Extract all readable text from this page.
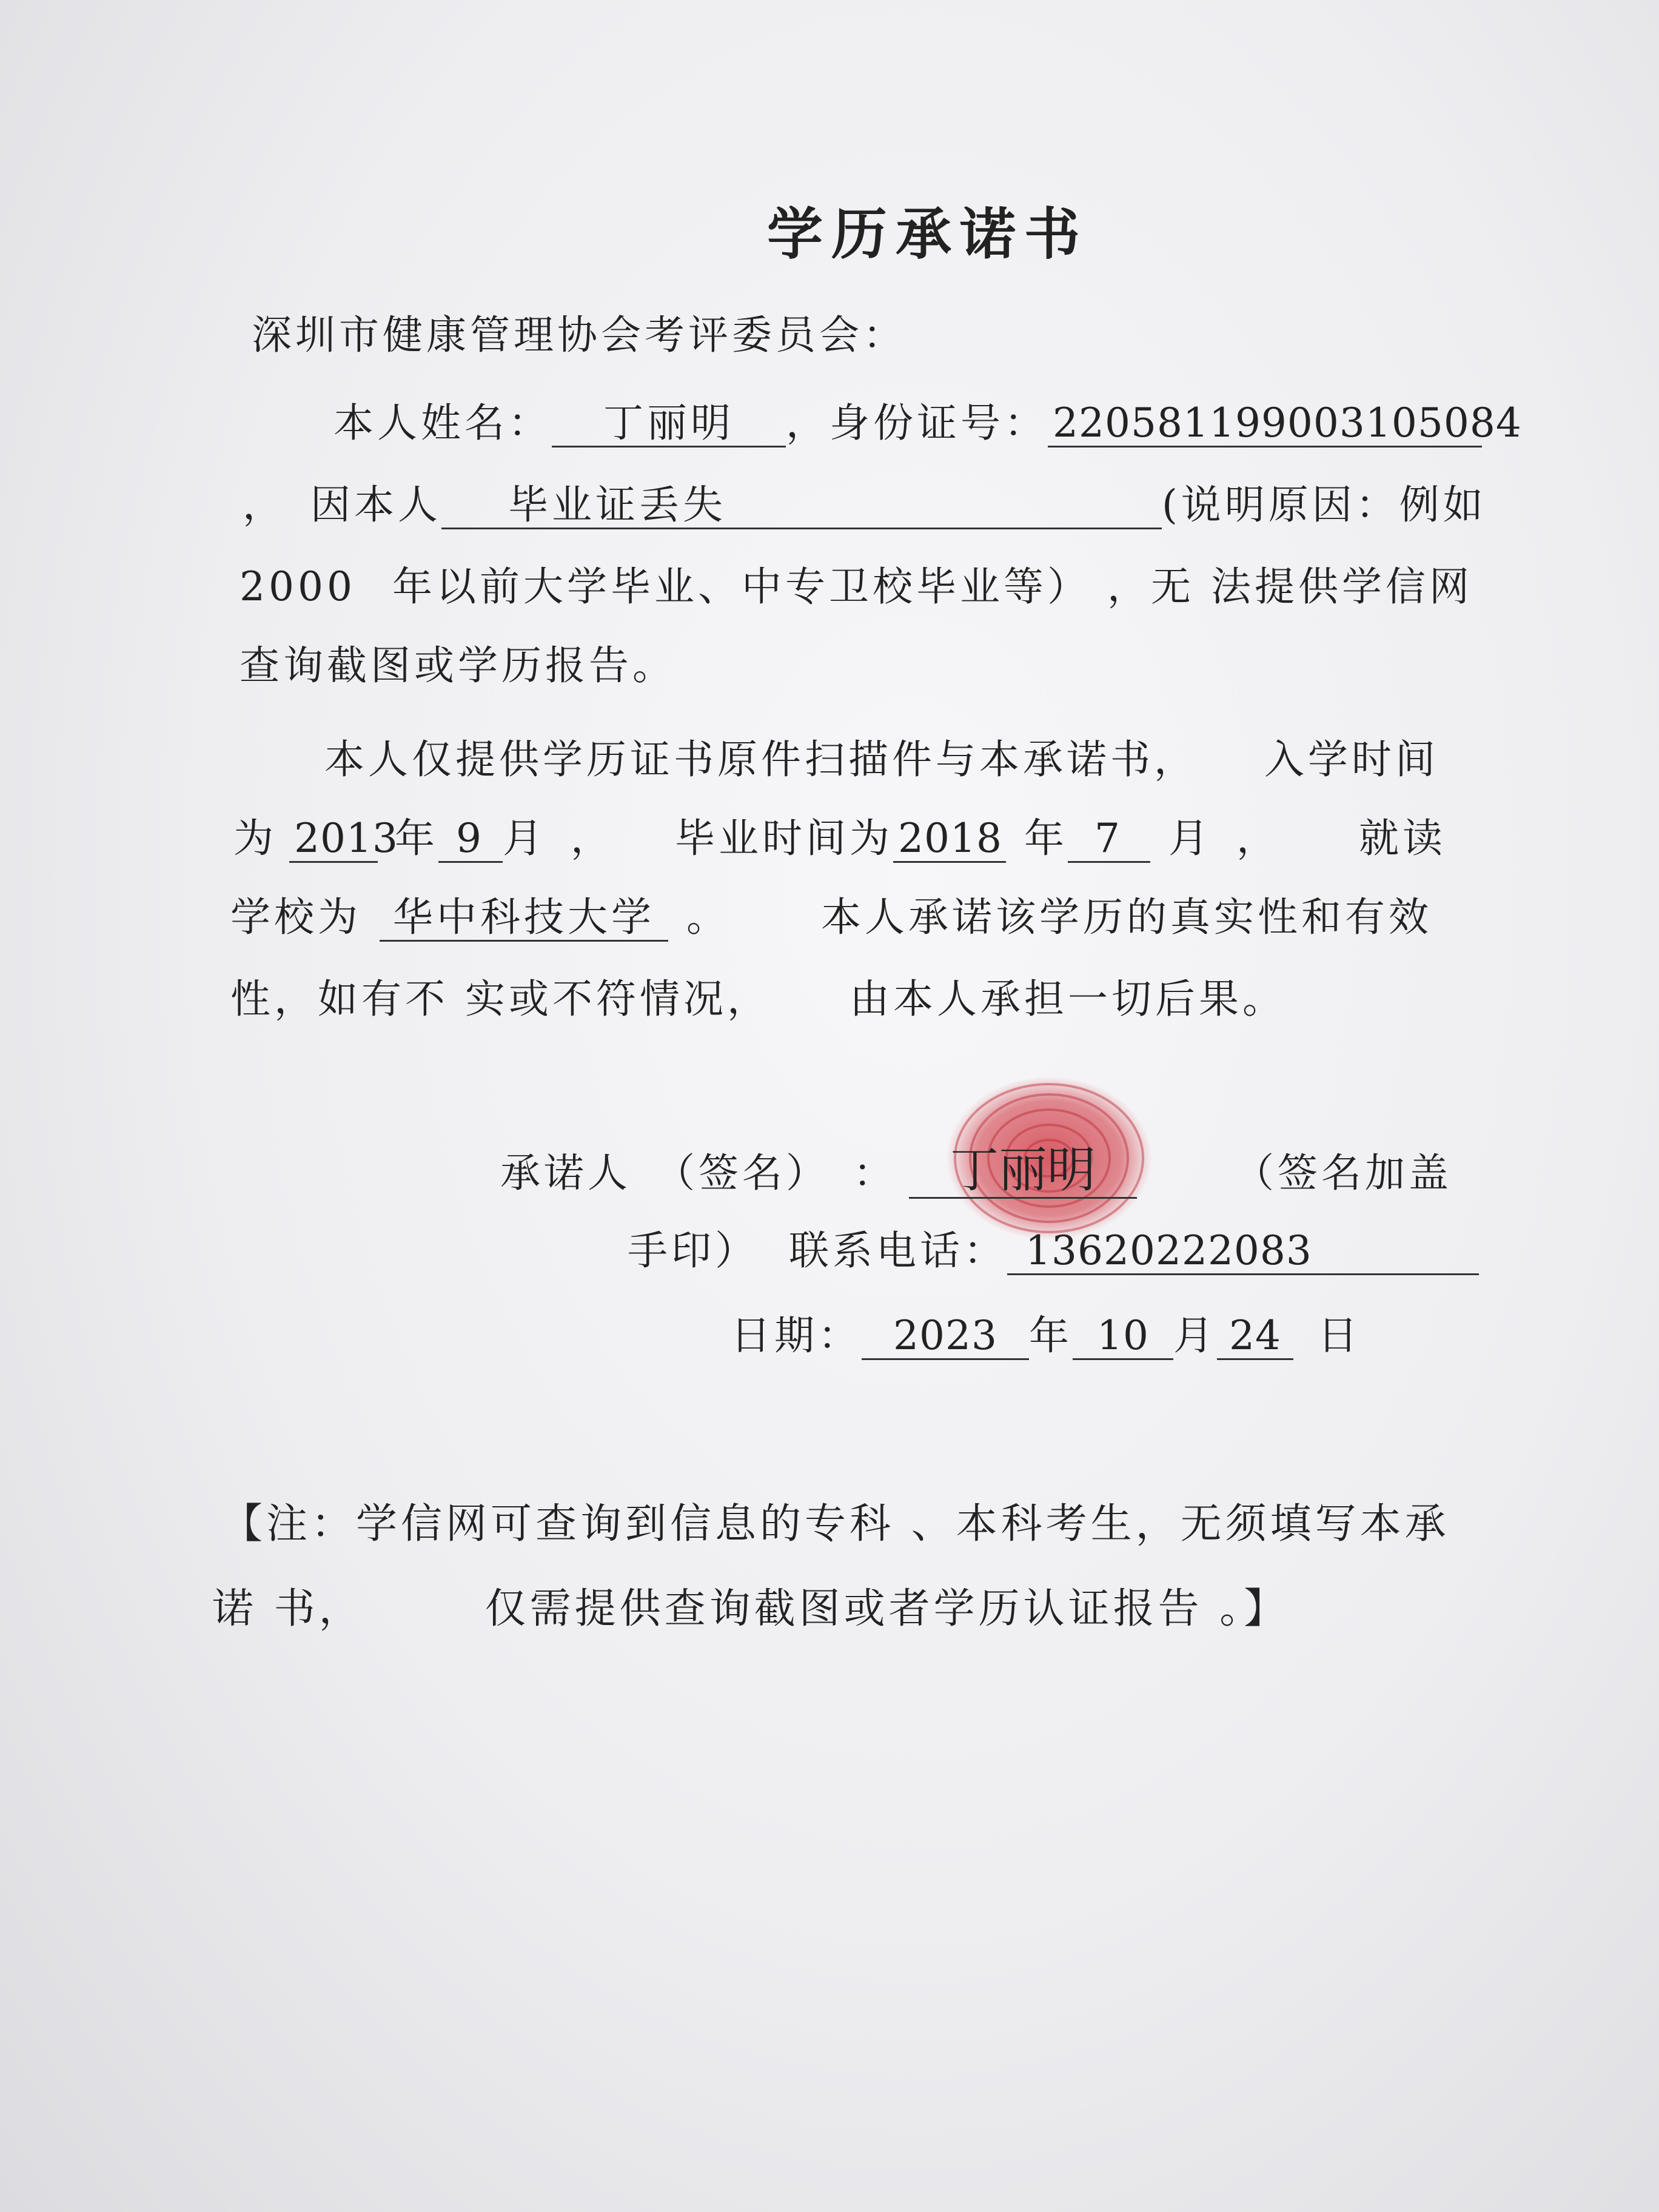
学历承诺书
深圳市健康管理协会考评委员会：
本人姓名： 丁丽明 ，身份证号： 220581199003105084
， 因本人 毕业证丢失	(说明原因：例如
2000 年以前大学毕业、中专卫校毕业等） ，无 法提供学信网
查询截图或学历报告。
本人仅提供学历证书原件扫描件与本承诺书， 入学时间
为 2013年 9 月 ， 毕业时间为 2018 年 7 月 ， 就读
学校为 华中科技大学 。 本人承诺该学历的真实性和有效
性，如有不 实或不符情况， 由本人承担一切后果。
承诺人　（签名）　： 丁丽明	（签名加盖
手印） 联系电话： 13620222083
日期： 2023 年 10 月 24 日
【注：学信网可查询到信息的专科 、本科考生，无须填写本承
诺 书，	仅需提供查询截图或者学历认证报告 。】
